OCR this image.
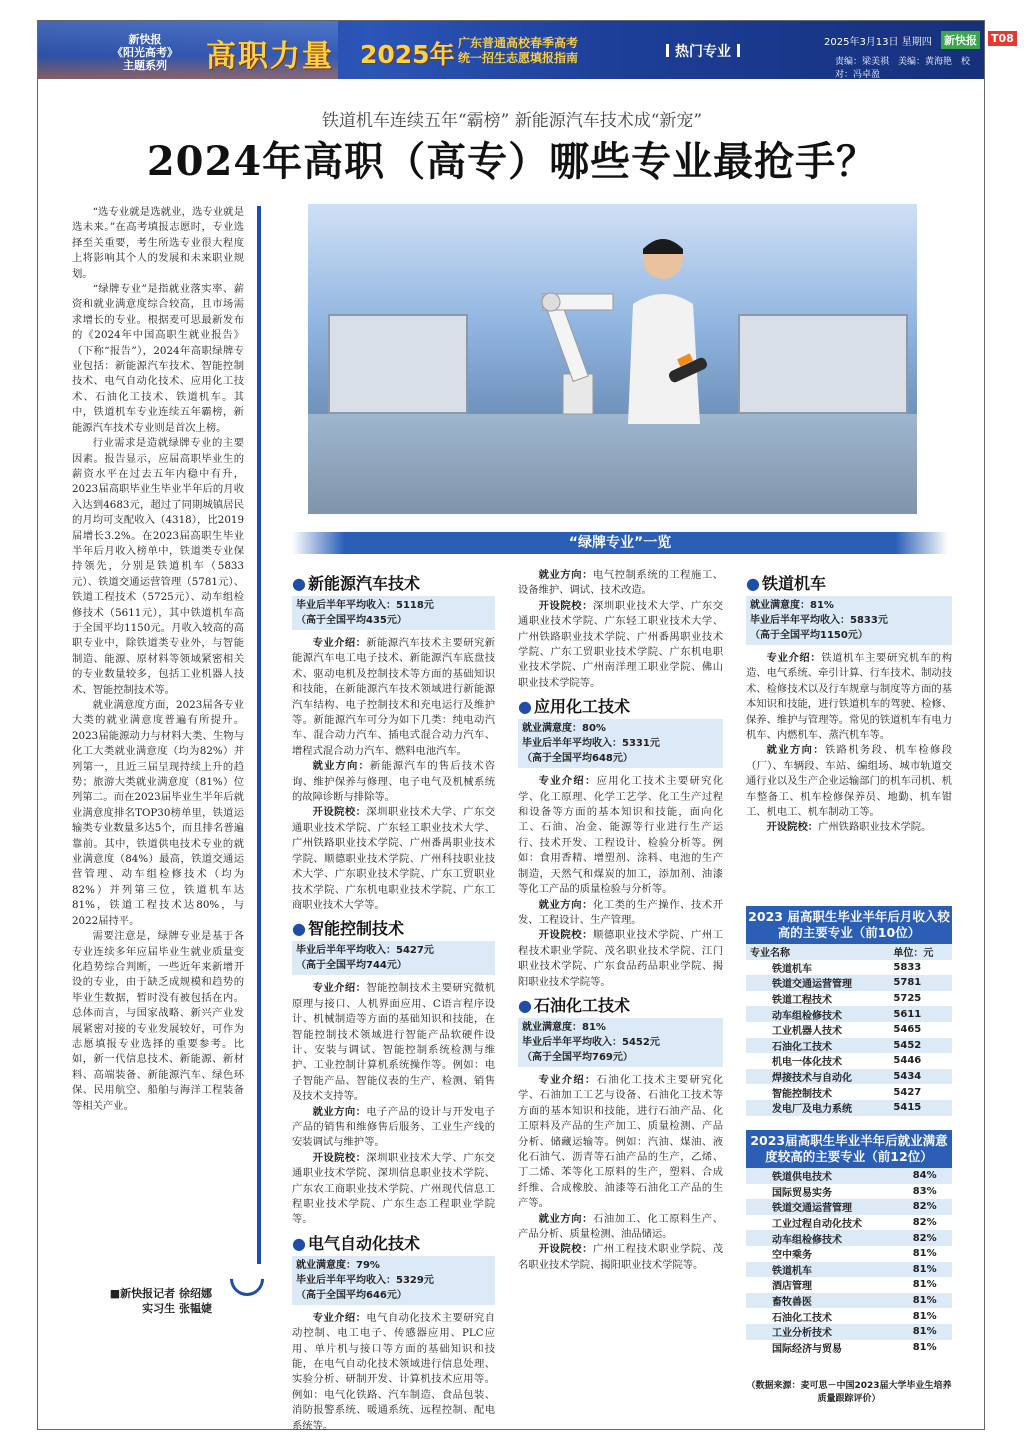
新快报
《阳光高考》
主题系列	高职力量 2025年 广东普通高校春季高考
统一招生志愿填报指南	热门专业
2025年3月13日 星期四 新快报 T08
责编：梁美祺　美编：黄海艳　校对：冯卓盈
铁道机车连续五年“霸榜” 新能源汽车技术成“新宠”
2024年高职（高专）哪些专业最抢手？

“选专业就是选就业，选专业就是选未来。”在高考填报志愿时，专业选择至关重要，考生所选专业很大程度上将影响其个人的发展和未来职业规划。

“绿牌专业”是指就业落实率、薪资和就业满意度综合较高，且市场需求增长的专业。根据麦可思最新发布的《2024年中国高职生就业报告》（下称“报告”），2024年高职绿牌专业包括：新能源汽车技术、智能控制技术、电气自动化技术、应用化工技术、石油化工技术、铁道机车。其中，铁道机车专业连续五年霸榜，新能源汽车技术专业则是首次上榜。

行业需求是造就绿牌专业的主要因素。报告显示，应届高职毕业生的薪资水平在过去五年内稳中有升，2023届高职毕业生毕业半年后的月收入达到4683元，超过了同期城镇居民的月均可支配收入（4318），比2019届增长3.2%。在2023届高职生毕业半年后月收入榜单中，铁道类专业保持领先，分别是铁道机车（5833元）、铁道交通运营管理（5781元）、铁道工程技术（5725元）、动车组检修技术（5611元），其中铁道机车高于全国平均1150元。月收入较高的高职专业中，除铁道类专业外，与智能制造、能源、原材料等领域紧密相关的专业数量较多，包括工业机器人技术、智能控制技术等。

就业满意度方面，2023届各专业大类的就业满意度普遍有所提升。2023届能源动力与材料大类、生物与化工大类就业满意度（均为82%）并列第一，且近三届呈现持续上升的趋势；旅游大类就业满意度（81%）位列第二。而在2023届毕业生半年后就业满意度排名TOP30榜单里，铁道运输类专业数量多达5个，而且排名普遍靠前。其中，铁道供电技术专业的就业满意度（84%）最高，铁道交通运营管理、动车组检修技术（均为82%）并列第三位，铁道机车达81%，铁道工程技术达80%，与2022届持平。

需要注意是，绿牌专业是基于各专业连续多年应届毕业生就业质量变化趋势综合判断，一些近年来新增开设的专业，由于缺乏成规模和趋势的毕业生数据，暂时没有被包括在内。总体而言，与国家战略、新兴产业发展紧密对接的专业发展较好，可作为志愿填报专业选择的重要参考。比如，新一代信息技术、新能源、新材料、高端装备、新能源汽车、绿色环保、民用航空、船舶与海洋工程装备等相关产业。

■新快报记者 徐绍娜
实习生 张韫婕
“绿牌专业”一览
● 新能源汽车技术
毕业后半年平均收入：5118元
（高于全国平均435元）

专业介绍：新能源汽车技术主要研究新能源汽车电工电子技术、新能源汽车底盘技术、驱动电机及控制技术等方面的基础知识和技能，在新能源汽车技术领域进行新能源汽车结构、电子控制技术和充电运行及维护等。新能源汽车可分为如下几类：纯电动汽车、混合动力汽车、插电式混合动力汽车、增程式混合动力汽车、燃料电池汽车。

就业方向：新能源汽车的售后技术咨询、维护保养与修理、电子电气及机械系统的故障诊断与排除等。

开设院校：深圳职业技术大学、广东交通职业技术学院、广东轻工职业技术大学、广州铁路职业技术学院、广州番禺职业技术学院、顺德职业技术学院、广州科技职业技术大学、广东职业技术学院、广东工贸职业技术学院、广东机电职业技术学院、广东工商职业技术大学等。

● 智能控制技术
毕业后半年平均收入：5427元
（高于全国平均744元）

专业介绍：智能控制技术主要研究微机原理与接口、人机界面应用、C语言程序设计、机械制造等方面的基础知识和技能，在智能控制技术领域进行智能产品软硬件设计、安装与调试、智能控制系统检测与维护、工业控制计算机系统操作等。例如：电子智能产品、智能仪表的生产、检测、销售及技术支持等。

就业方向：电子产品的设计与开发电子产品的销售和维修售后服务、工业生产线的安装调试与维护等。

开设院校：深圳职业技术大学、广东交通职业技术学院、深圳信息职业技术学院、广东农工商职业技术学院、广州现代信息工程职业技术学院、广东生态工程职业学院等。

● 电气自动化技术
就业满意度：79%
毕业后半年平均收入：5329元
（高于全国平均646元）

专业介绍：电气自动化技术主要研究自动控制、电工电子、传感器应用、PLC应用、单片机与接口等方面的基础知识和技能，在电气自动化技术领域进行信息处理、实验分析、研制开发、计算机技术应用等。例如：电气化铁路、汽车制造、食品包装、消防报警系统、暖通系统、远程控制、配电系统等。

就业方向：电气控制系统的工程施工、设备维护、调试、技术改造。

开设院校：深圳职业技术大学、广东交通职业技术学院、广东轻工职业技术大学、广州铁路职业技术学院、广州番禺职业技术学院、广东工贸职业技术学院、广东机电职业技术学院、广州南洋理工职业学院、佛山职业技术学院等。

● 应用化工技术
就业满意度：80%
毕业后半年平均收入：5331元
（高于全国平均648元）

专业介绍：应用化工技术主要研究化学、化工原理、化学工艺学、化工生产过程和设备等方面的基本知识和技能，面向化工、石油、冶金、能源等行业进行生产运行、技术开发、工程设计、检验分析等。例如：食用香精、增塑剂、涂料、电池的生产制造，天然气和煤炭的加工，添加剂、油漆等化工产品的质量检验与分析等。

就业方向：化工类的生产操作、技术开发、工程设计、生产管理。

开设院校：顺德职业技术学院、广州工程技术职业学院、茂名职业技术学院、江门职业技术学院、广东食品药品职业学院、揭阳职业技术学院等。

● 石油化工技术
就业满意度：81%
毕业后半年平均收入：5452元
（高于全国平均769元）

专业介绍：石油化工技术主要研究化学、石油加工工艺与设备、石油化工技术等方面的基本知识和技能，进行石油产品、化工原料及产品的生产加工、质量检测、产品分析、储藏运输等。例如：汽油、煤油、液化石油气、沥青等石油产品的生产，乙烯、丁二烯、苯等化工原料的生产，塑料、合成纤维、合成橡胶、油漆等石油化工产品的生产等。

就业方向：石油加工、化工原料生产、产品分析、质量检测、油品储运。

开设院校：广州工程技术职业学院、茂名职业技术学院、揭阳职业技术学院等。

● 铁道机车
就业满意度：81%
毕业后半年平均收入：5833元
（高于全国平均1150元）

专业介绍：铁道机车主要研究机车的构造、电气系统、牵引计算、行车技术、制动技术、检修技术以及行车规章与制度等方面的基本知识和技能，进行铁道机车的驾驶、检修、保养、维护与管理等。常见的铁道机车有电力机车、内燃机车、蒸汽机车等。

就业方向：铁路机务段、机车检修段（厂）、车辆段、车站、编组场、城市轨道交通行业以及生产企业运输部门的机车司机、机车整备工、机车检修保养员、地勤、机车钳工、机电工、机车制动工等。

开设院校：广州铁路职业技术学院。

2023 届高职生毕业半年后月收入较高的主要专业（前10位）
专业名称	单位：元
铁道机车	5833
铁道交通运营管理	5781
铁道工程技术	5725
动车组检修技术	5611
工业机器人技术	5465
石油化工技术	5452
机电一体化技术	5446
焊接技术与自动化	5434
智能控制技术	5427
发电厂及电力系统	5415
2023届高职生毕业半年后就业满意度较高的主要专业（前12位）
铁道供电技术	84%
国际贸易实务	83%
铁道交通运营管理	82%
工业过程自动化技术	82%
动车组检修技术	82%
空中乘务	81%
铁道机车	81%
酒店管理	81%
畜牧兽医	81%
石油化工技术	81%
工业分析技术	81%
国际经济与贸易	81%
（数据来源：麦可思－中国2023届大学毕业生培养质量跟踪评价）
